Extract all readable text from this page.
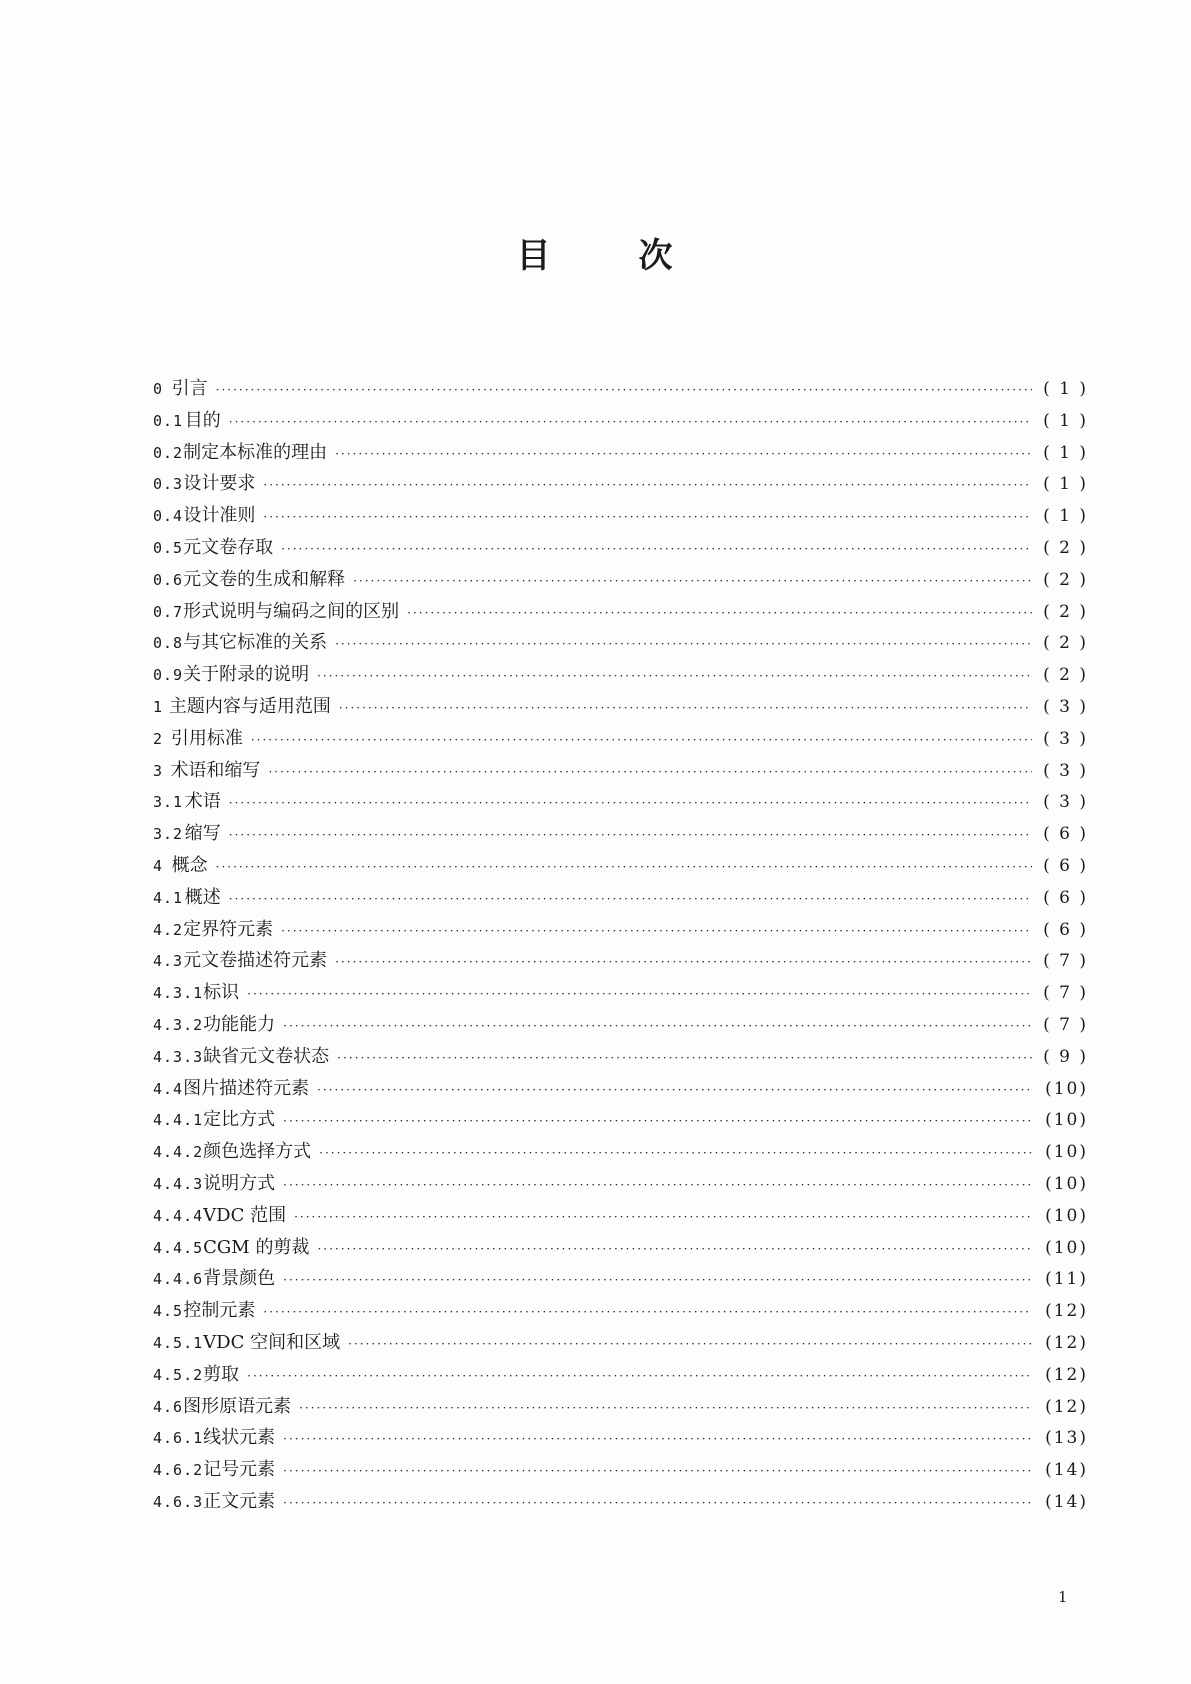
目	次
0 引言 ·····	( 1 )
0.1 目的 ·····	( 1 )
0.2 制定本标准的理由 ·····	( 1 )
0.3 设计要求 ·····	( 1 )
0.4 设计准则 ·····	( 1 )
0.5 元文卷存取 ·····	( 2 )
0.6 元文卷的生成和解释 ·····	( 2 )
0.7 形式说明与编码之间的区别 ·····	( 2 )
0.8 与其它标准的关系 ·····	( 2 )
0.9 关于附录的说明 ·····	( 2 )
1 主题内容与适用范围 ·····	( 3 )
2 引用标准 ·····	( 3 )
3 术语和缩写 ·····	( 3 )
3.1 术语 ·····	( 3 )
3.2 缩写 ·····	( 6 )
4 概念 ·····	( 6 )
4.1 概述 ·····	( 6 )
4.2 定界符元素 ·····	( 6 )
4.3 元文卷描述符元素 ·····	( 7 )
4.3.1 标识 ·····	( 7 )
4.3.2 功能能力 ·····	( 7 )
4.3.3 缺省元文卷状态 ·····	( 9 )
4.4 图片描述符元素 ·····	(10)
4.4.1 定比方式 ·····	(10)
4.4.2 颜色选择方式 ·····	(10)
4.4.3 说明方式 ·····	(10)
4.4.4 VDC 范围 ·····	(10)
4.4.5 CGM 的剪裁 ·····	(10)
4.4.6 背景颜色 ·····	(11)
4.5 控制元素 ·····	(12)
4.5.1 VDC 空间和区域 ·····	(12)
4.5.2 剪取 ·····	(12)
4.6 图形原语元素 ·····	(12)
4.6.1 线状元素 ·····	(13)
4.6.2 记号元素 ·····	(14)
4.6.3 正文元素 ·····	(14)
1
